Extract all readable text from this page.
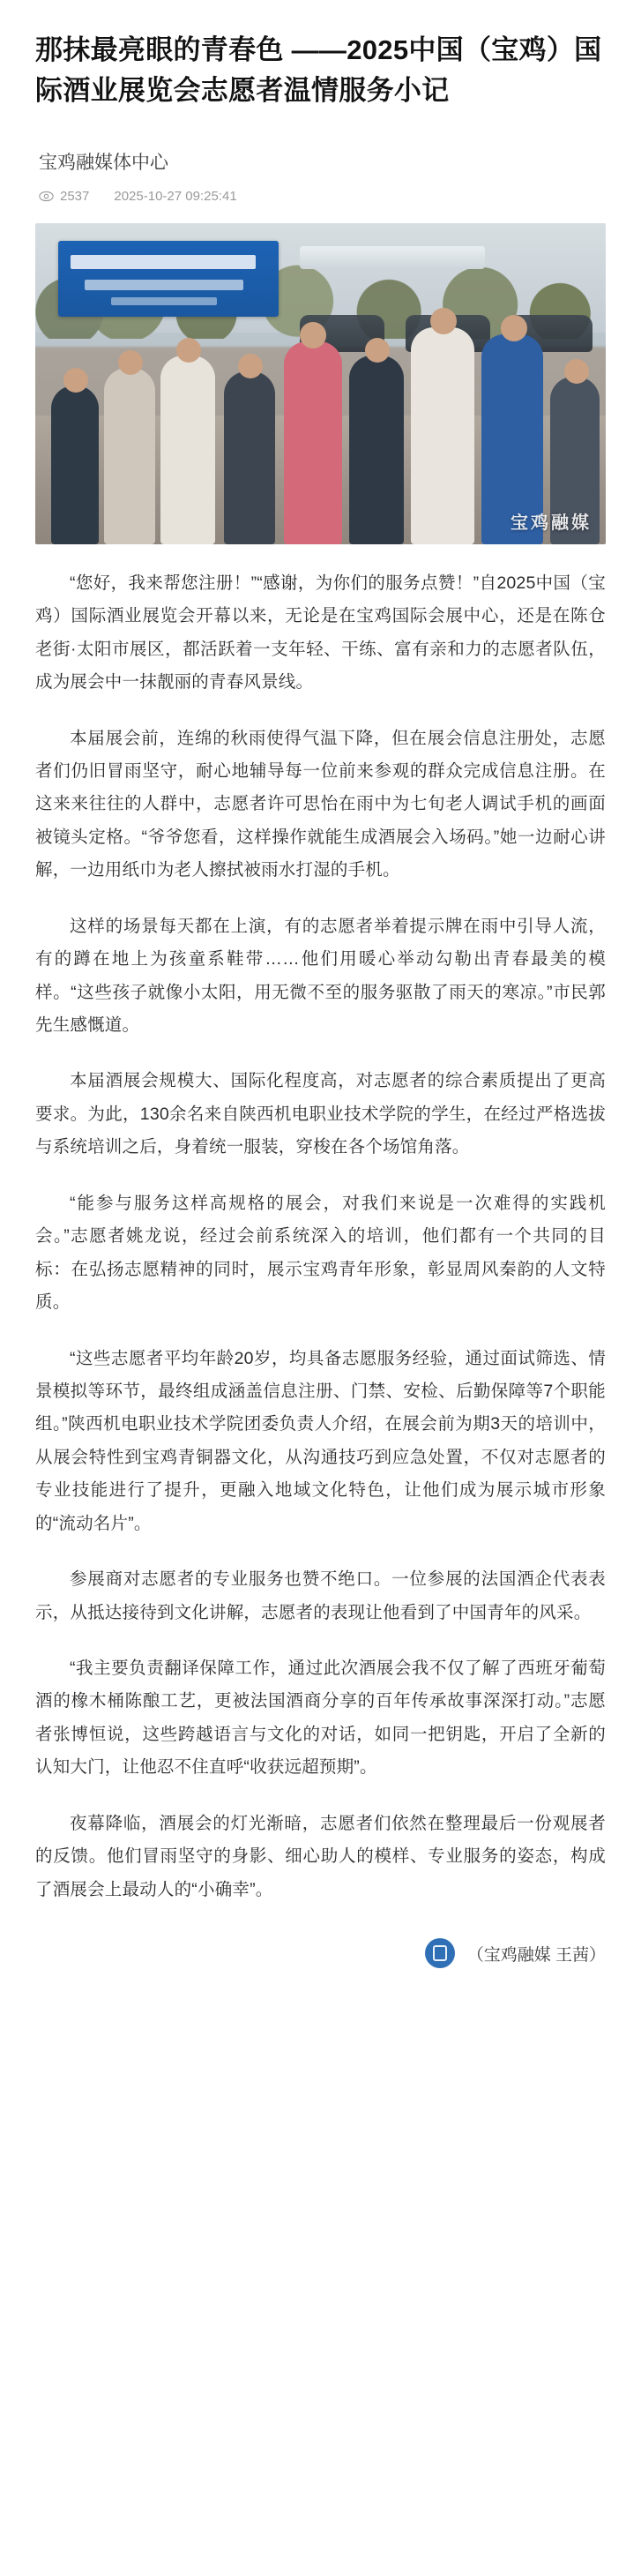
那抹最亮眼的青春色 ——2025中国（宝鸡）国际酒业展览会志愿者温情服务小记
宝鸡融媒体中心
2537 2025-10-27 09:25:41
宝鸡融媒

“您好，我来帮您注册！”“感谢，为你们的服务点赞！”自2025中国（宝鸡）国际酒业展览会开幕以来，无论是在宝鸡国际会展中心，还是在陈仓老街·太阳市展区，都活跃着一支年轻、干练、富有亲和力的志愿者队伍，成为展会中一抹靓丽的青春风景线。

本届展会前，连绵的秋雨使得气温下降，但在展会信息注册处，志愿者们仍旧冒雨坚守，耐心地辅导每一位前来参观的群众完成信息注册。在这来来往往的人群中，志愿者许可思怡在雨中为七旬老人调试手机的画面被镜头定格。“爷爷您看，这样操作就能生成酒展会入场码。”她一边耐心讲解，一边用纸巾为老人擦拭被雨水打湿的手机。

这样的场景每天都在上演，有的志愿者举着提示牌在雨中引导人流，有的蹲在地上为孩童系鞋带……他们用暖心举动勾勒出青春最美的模样。“这些孩子就像小太阳，用无微不至的服务驱散了雨天的寒凉。”市民郭先生感慨道。

本届酒展会规模大、国际化程度高，对志愿者的综合素质提出了更高要求。为此，130余名来自陕西机电职业技术学院的学生，在经过严格选拔与系统培训之后，身着统一服装，穿梭在各个场馆角落。

“能参与服务这样高规格的展会，对我们来说是一次难得的实践机会。”志愿者姚龙说，经过会前系统深入的培训，他们都有一个共同的目标：在弘扬志愿精神的同时，展示宝鸡青年形象，彰显周风秦韵的人文特质。

“这些志愿者平均年龄20岁，均具备志愿服务经验，通过面试筛选、情景模拟等环节，最终组成涵盖信息注册、门禁、安检、后勤保障等7个职能组。”陕西机电职业技术学院团委负责人介绍，在展会前为期3天的培训中，从展会特性到宝鸡青铜器文化，从沟通技巧到应急处置，不仅对志愿者的专业技能进行了提升，更融入地域文化特色，让他们成为展示城市形象的“流动名片”。

参展商对志愿者的专业服务也赞不绝口。一位参展的法国酒企代表表示，从抵达接待到文化讲解，志愿者的表现让他看到了中国青年的风采。

“我主要负责翻译保障工作，通过此次酒展会我不仅了解了西班牙葡萄酒的橡木桶陈酿工艺，更被法国酒商分享的百年传承故事深深打动。”志愿者张博恒说，这些跨越语言与文化的对话，如同一把钥匙，开启了全新的认知大门，让他忍不住直呼“收获远超预期”。

夜幕降临，酒展会的灯光渐暗，志愿者们依然在整理最后一份观展者的反馈。他们冒雨坚守的身影、细心助人的模样、专业服务的姿态，构成了酒展会上最动人的“小确幸”。

（宝鸡融媒 王茜）
